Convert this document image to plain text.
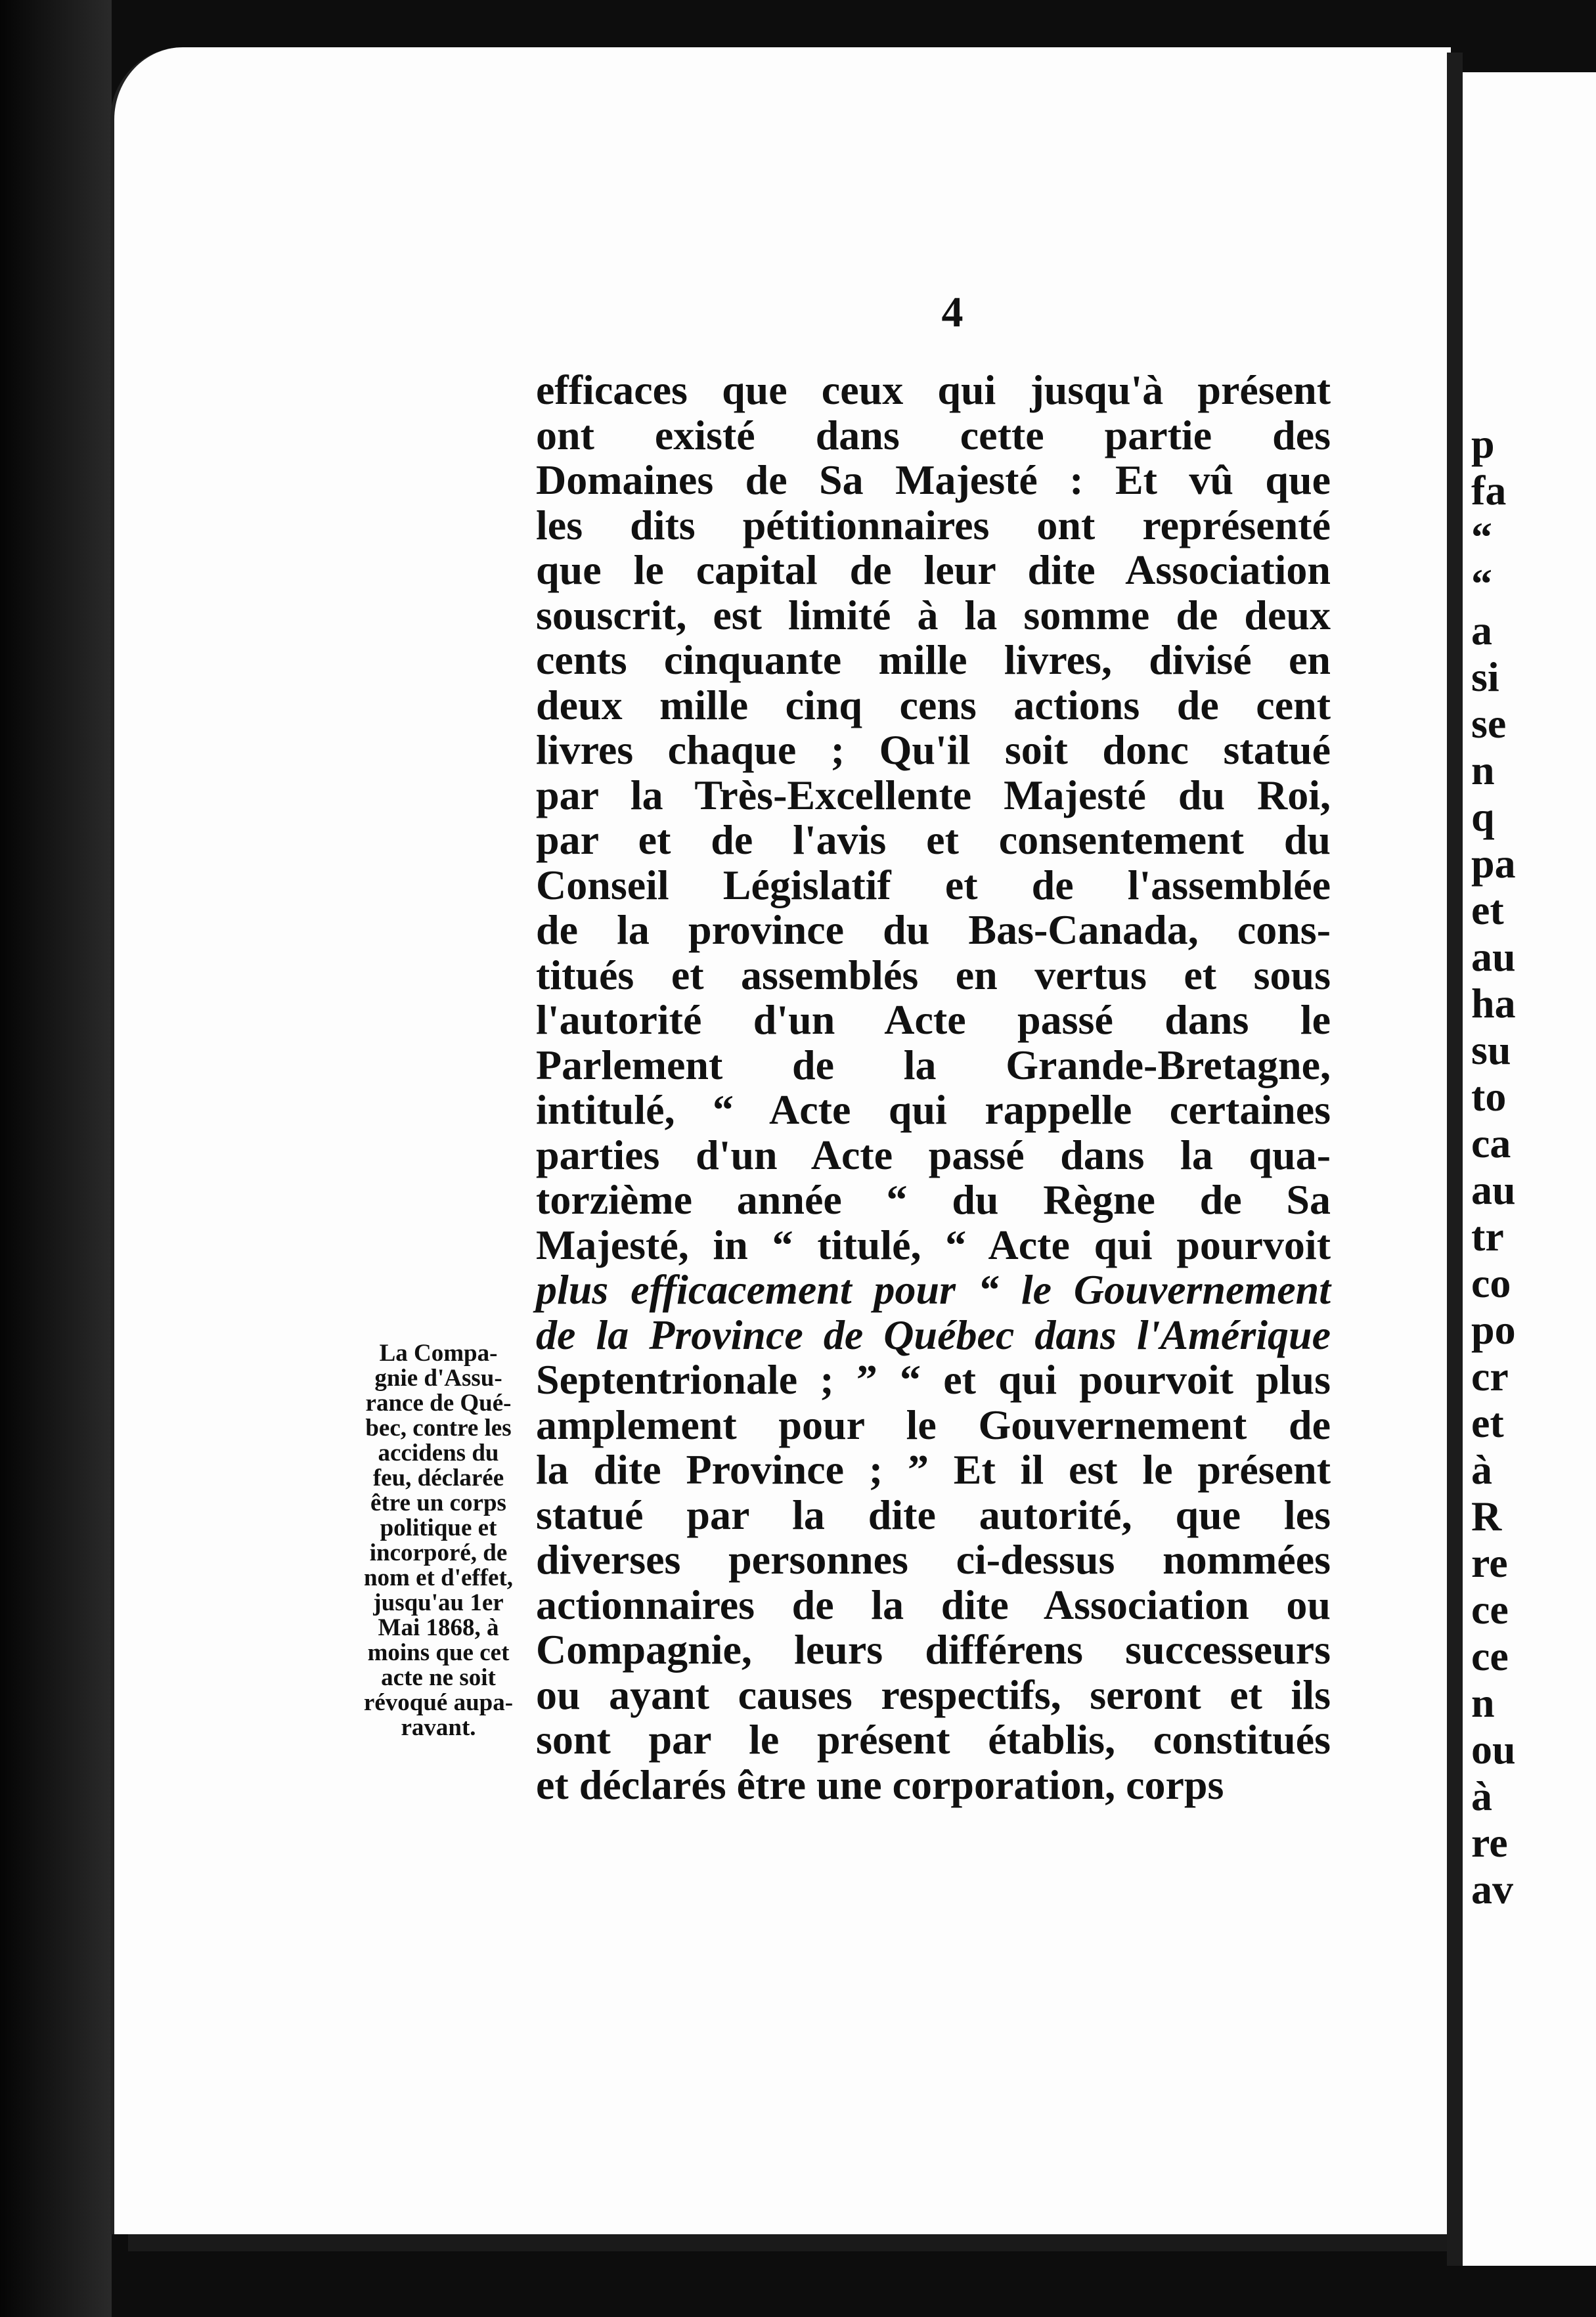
4
La Compa-
gnie d'Assu-
rance de Qué-
bec, contre les
accidens du
feu, déclarée
être un corps
politique et
incorporé, de
nom et d'effet,
jusqu'au 1er
Mai 1868, à
moins que cet
acte ne soit
révoqué aupa-
ravant.
efficaces que ceux qui jusqu'à présent
ont existé dans cette partie des
Domaines de Sa Majesté : Et vû que
les dits pétitionnaires ont représenté
que le capital de leur dite Association
souscrit, est limité à la somme de deux
cents cinquante mille livres, divisé en
deux mille cinq cens actions de cent
livres chaque ; Qu'il soit donc statué
par la Très-Excellente Majesté du Roi,
par et de l'avis et consentement du
Conseil Législatif et de l'assemblée
de la province du Bas-Canada, cons-
titués et assemblés en vertus et sous
l'autorité d'un Acte passé dans le
Parlement de la Grande-Bretagne,
intitulé, “ Acte qui rappelle certaines
parties d'un Acte passé dans la qua-
torzième année “ du Règne de Sa
Majesté, in “ titulé, “ Acte qui pourvoit
plus efficacement pour “ le Gouvernement
de la Province de Québec dans l'Amérique
Septentrionale ; ” “ et qui pourvoit plus
amplement pour le Gouvernement de
la dite Province ; ” Et il est le présent
statué par la dite autorité, que les
diverses personnes ci-dessus nommées
actionnaires de la dite Association ou
Compagnie, leurs différens successeurs
ou ayant causes respectifs, seront et ils
sont par le présent établis, constitués
et déclarés être une corporation, corps
p
fa
“
“
a
si
se
n
q
pa
et
au
ha
su
to
ca
au
tr
co
po
cr
et
à
R
re
ce
ce
n
ou
à
re
av
